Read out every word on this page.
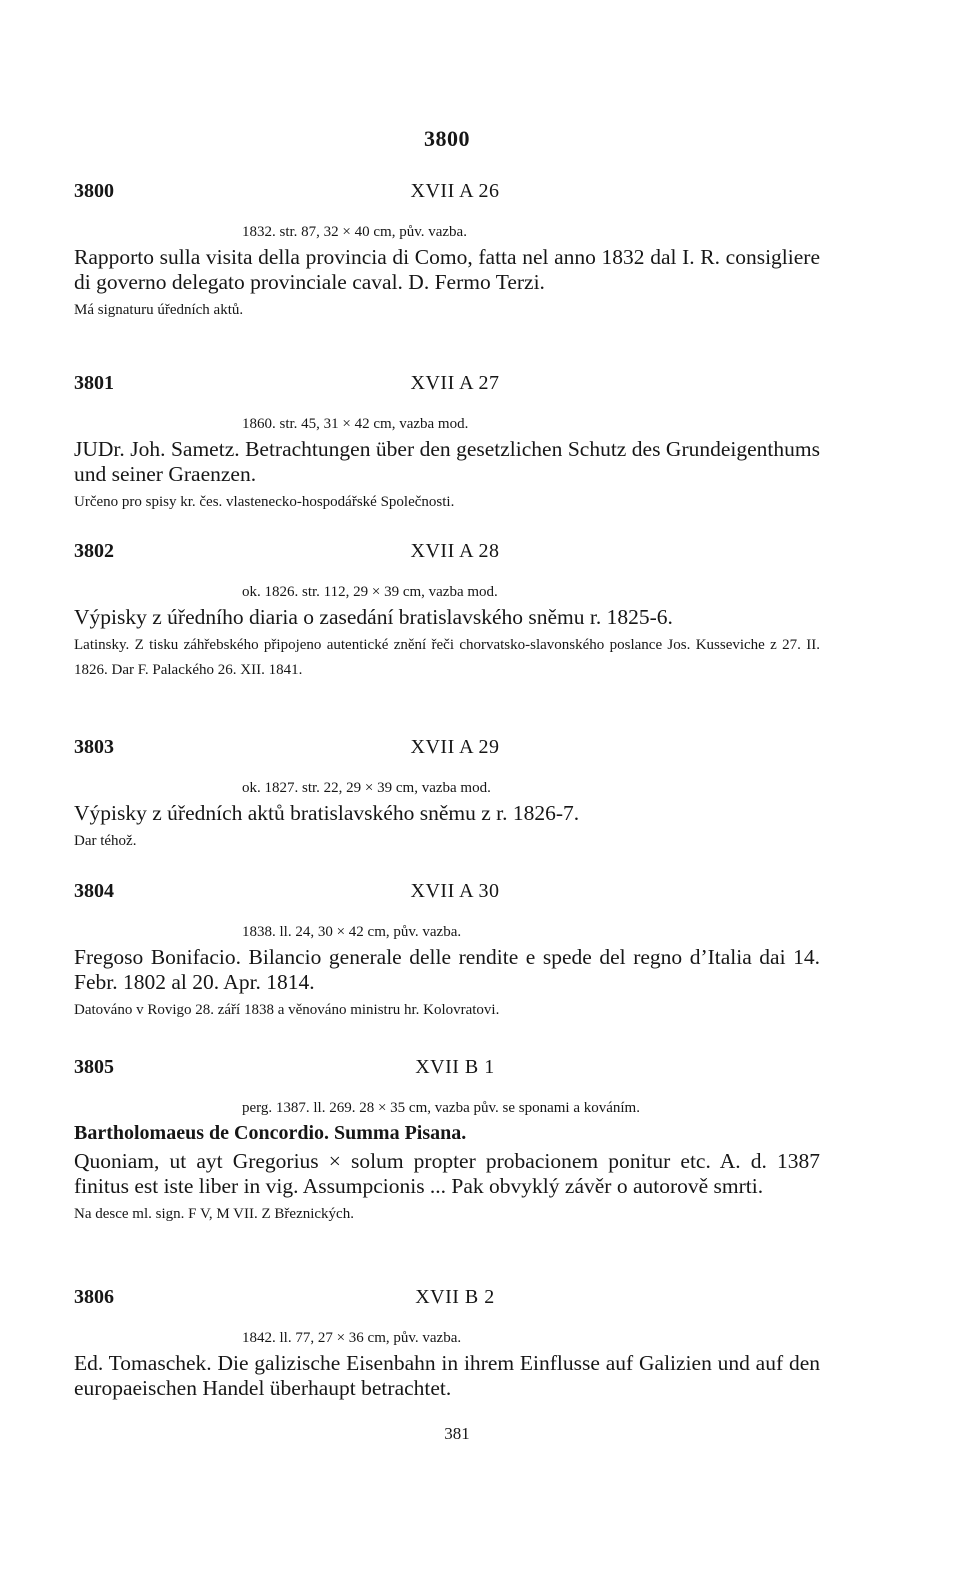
3800
3800	XVII A 26
1832. str. 87, 32 × 40 cm, pův. vazba.
Rapporto sulla visita della provincia di Como, fatta nel anno 1832 dal I. R. consigliere di governo delegato provinciale caval. D. Fermo Terzi.
Má signaturu úředních aktů.
3801	XVII A 27
1860. str. 45, 31 × 42 cm, vazba mod.
JUDr. Joh. Sametz. Betrachtungen über den gesetzlichen Schutz des Grundeigenthums und seiner Graenzen.
Určeno pro spisy kr. čes. vlastenecko-hospodářské Společnosti.
3802	XVII A 28
ok. 1826. str. 112, 29 × 39 cm, vazba mod.
Výpisky z úředního diaria o zasedání bratislavského sněmu r. 1825-6.
Latinsky. Z tisku záhřebského připojeno autentické znění řeči chorvatsko-slavonského poslance Jos. Kusseviche z 27. II. 1826. Dar F. Palackého 26. XII. 1841.
3803	XVII A 29
ok. 1827. str. 22, 29 × 39 cm, vazba mod.
Výpisky z úředních aktů bratislavského sněmu z r. 1826-7.
Dar téhož.
3804	XVII A 30
1838. ll. 24, 30 × 42 cm, pův. vazba.
Fregoso Bonifacio. Bilancio generale delle rendite e spede del regno d’Italia dai 14. Febr. 1802 al 20. Apr. 1814.
Datováno v Rovigo 28. září 1838 a věnováno ministru hr. Kolovratovi.
3805	XVII B 1
perg. 1387. ll. 269. 28 × 35 cm, vazba pův. se sponami a kováním.
Bartholomaeus de Concordio. Summa Pisana.
Quoniam, ut ayt Gregorius × solum propter probacionem ponitur etc. A. d. 1387 finitus est iste liber in vig. Assumpcionis ... Pak obvyklý závěr o autorově smrti.
Na desce ml. sign. F V, M VII. Z Březnických.
3806	XVII B 2
1842. ll. 77, 27 × 36 cm, pův. vazba.
Ed. Tomaschek. Die galizische Eisenbahn in ihrem Einflusse auf Galizien und auf den europaeischen Handel überhaupt betrachtet.
381
